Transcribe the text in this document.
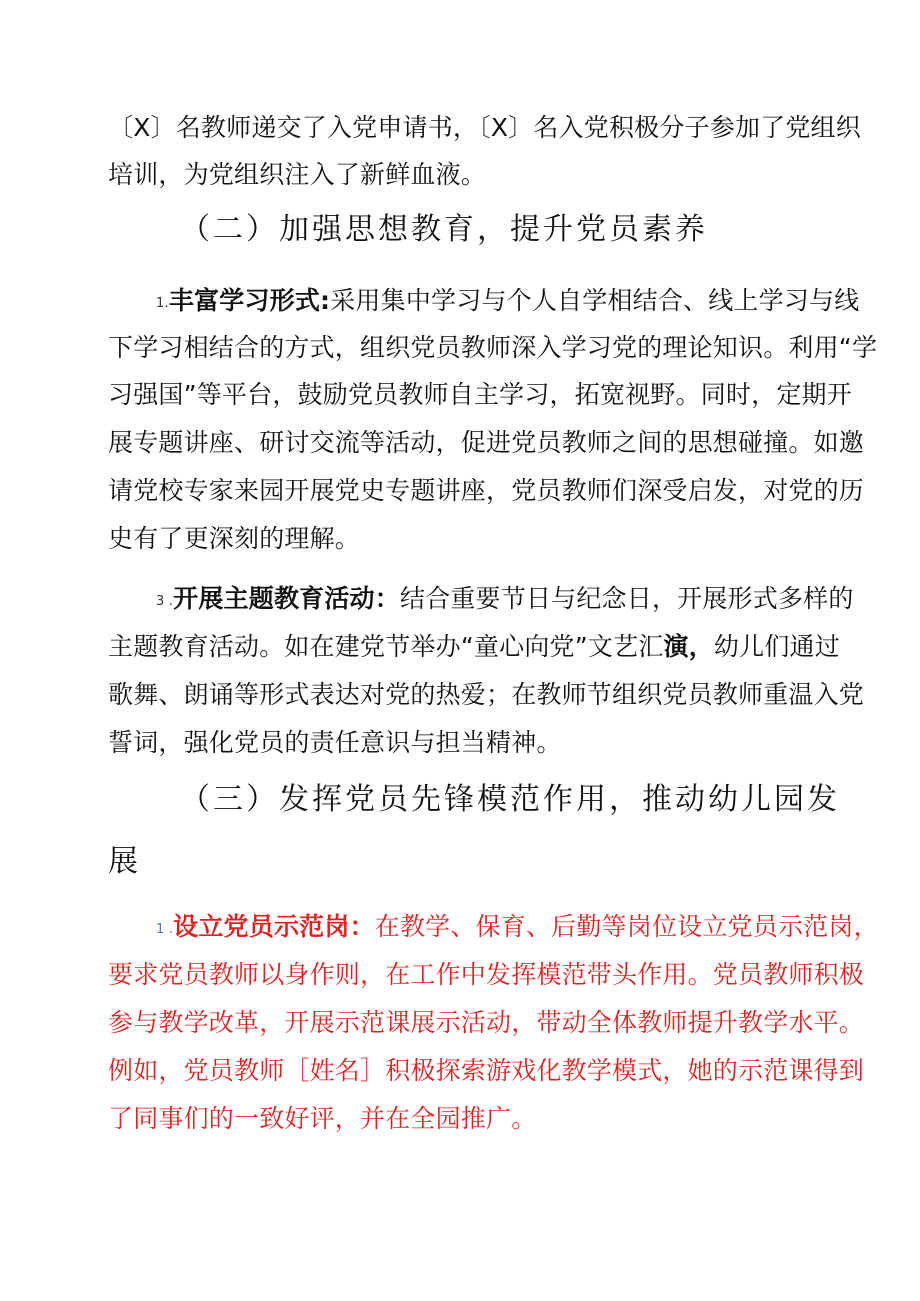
〔X〕名教师递交了入党申请书，〔X〕名入党积极分子参加了党组织
培训，为党组织注入了新鲜血液。
（二）加强思想教育，提升党员素养
1.丰富学习形式:采用集中学习与个人自学相结合、线上学习与线
下学习相结合的方式，组织党员教师深入学习党的理论知识。利用“学
习强国”等平台，鼓励党员教师自主学习，拓宽视野。同时，定期开
展专题讲座、研讨交流等活动，促进党员教师之间的思想碰撞。如邀
请党校专家来园开展党史专题讲座，党员教师们深受启发，对党的历
史有了更深刻的理解。
3 .开展主题教育活动：结合重要节日与纪念日，开展形式多样的
主题教育活动。如在建党节举办“童心向党”文艺汇演，幼儿们通过
歌舞、朗诵等形式表达对党的热爱；在教师节组织党员教师重温入党
誓词，强化党员的责任意识与担当精神。
（三）发挥党员先锋模范作用，推动幼儿园发
展
1 .设立党员示范岗：在教学、保育、后勤等岗位设立党员示范岗，
要求党员教师以身作则，在工作中发挥模范带头作用。党员教师积极
参与教学改革，开展示范课展示活动，带动全体教师提升教学水平。
例如，党员教师［姓名］积极探索游戏化教学模式，她的示范课得到
了同事们的一致好评，并在全园推广。
